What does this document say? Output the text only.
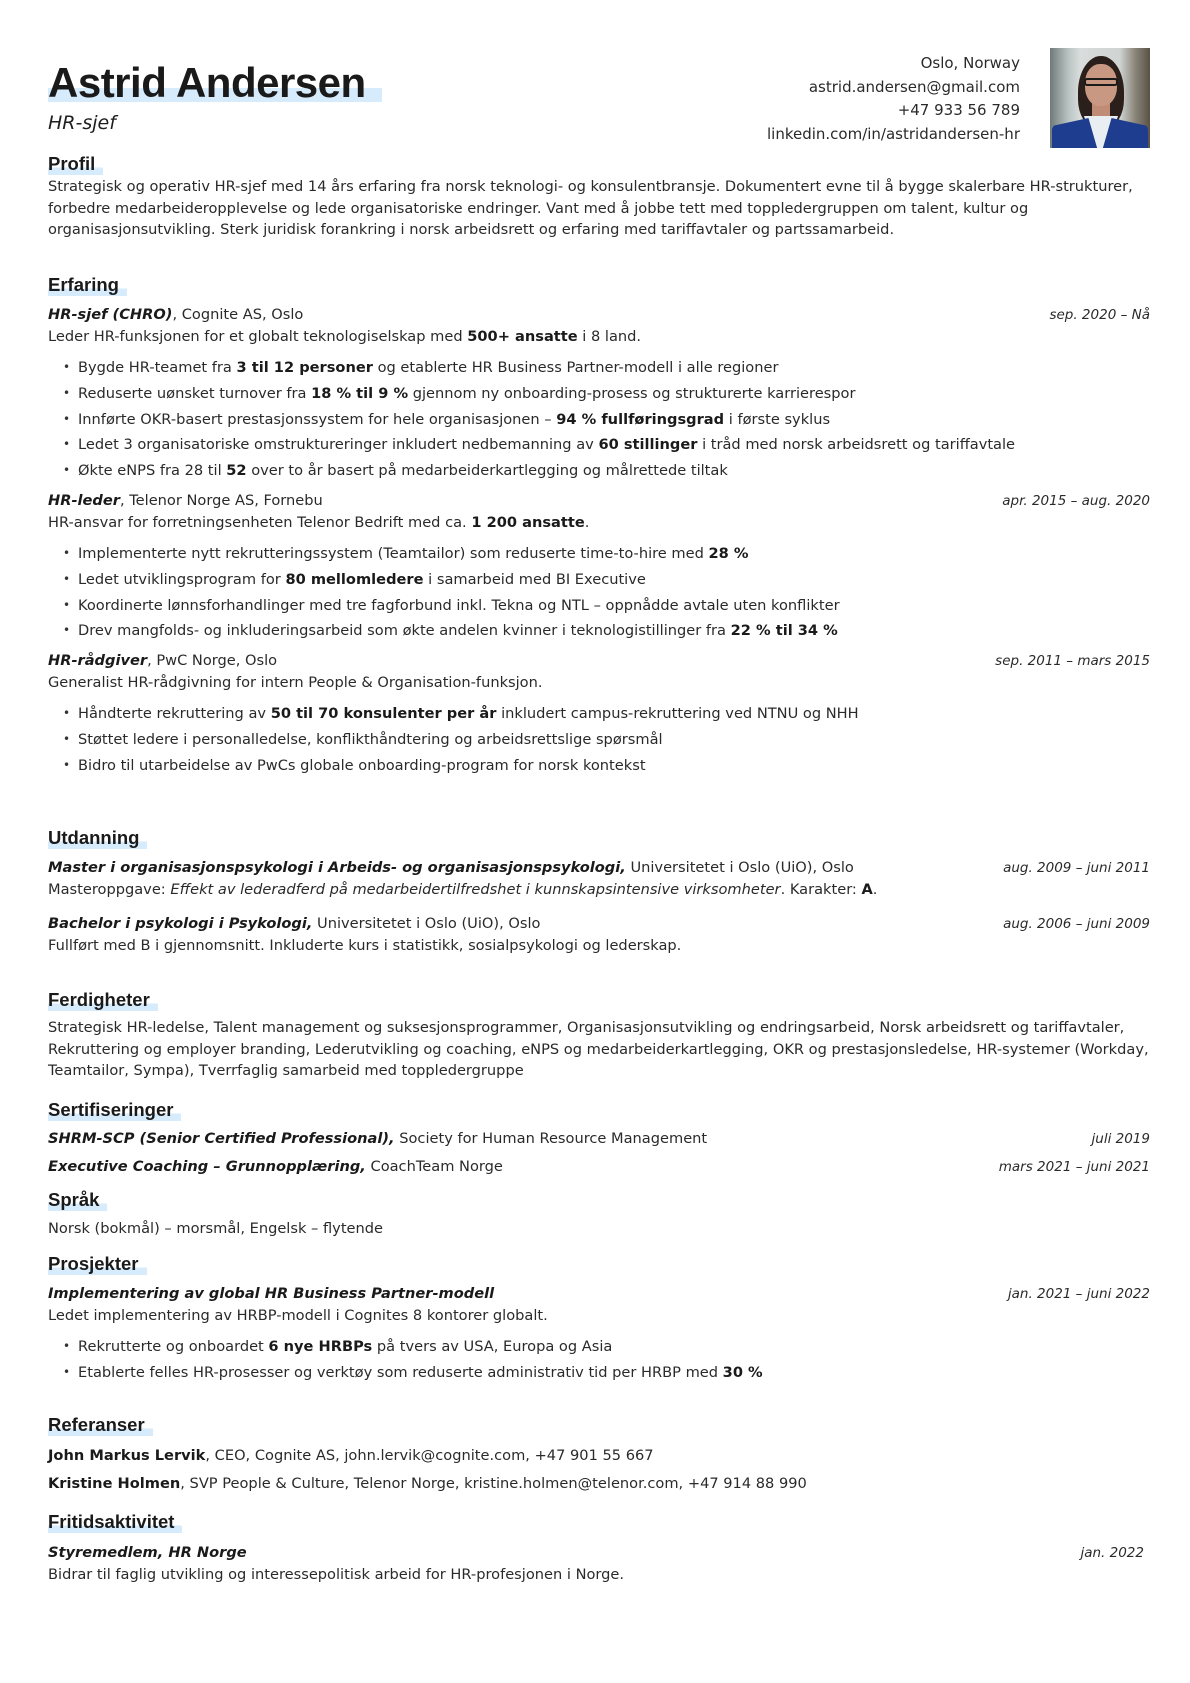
Astrid Andersen
HR-sjef
Oslo, Norway
astrid.andersen@gmail.com
+47 933 56 789
linkedin.com/in/astridandersen-hr
Profil
Strategisk og operativ HR-sjef med 14 års erfaring fra norsk teknologi- og konsulentbransje. Dokumentert evne til å bygge skalerbare HR-strukturer, forbedre medarbeideropplevelse og lede organisatoriske endringer. Vant med å jobbe tett med toppledergruppen om talent, kultur og organisasjonsutvikling. Sterk juridisk forankring i norsk arbeidsrett og erfaring med tariffavtaler og partssamarbeid.
Erfaring
HR-sjef (CHRO), Cognite AS, Oslo	sep. 2020 – Nå
Leder HR-funksjonen for et globalt teknologiselskap med 500+ ansatte i 8 land.
• Bygde HR-teamet fra 3 til 12 personer og etablerte HR Business Partner-modell i alle regioner
• Reduserte uønsket turnover fra 18 % til 9 % gjennom ny onboarding-prosess og strukturerte karrierespor
• Innførte OKR-basert prestasjonssystem for hele organisasjonen – 94 % fullføringsgrad i første syklus
• Ledet 3 organisatoriske omstruktureringer inkludert nedbemanning av 60 stillinger i tråd med norsk arbeidsrett og tariffavtale
• Økte eNPS fra 28 til 52 over to år basert på medarbeiderkartlegging og målrettede tiltak
HR-leder, Telenor Norge AS, Fornebu	apr. 2015 – aug. 2020
HR-ansvar for forretningsenheten Telenor Bedrift med ca. 1 200 ansatte.
• Implementerte nytt rekrutteringssystem (Teamtailor) som reduserte time-to-hire med 28 %
• Ledet utviklingsprogram for 80 mellomledere i samarbeid med BI Executive
• Koordinerte lønnsforhandlinger med tre fagforbund inkl. Tekna og NTL – oppnådde avtale uten konflikter
• Drev mangfolds- og inkluderingsarbeid som økte andelen kvinner i teknologistillinger fra 22 % til 34 %
HR-rådgiver, PwC Norge, Oslo	sep. 2011 – mars 2015
Generalist HR-rådgivning for intern People & Organisation-funksjon.
• Håndterte rekruttering av 50 til 70 konsulenter per år inkludert campus-rekruttering ved NTNU og NHH
• Støttet ledere i personalledelse, konflikthåndtering og arbeidsrettslige spørsmål
• Bidro til utarbeidelse av PwCs globale onboarding-program for norsk kontekst
Utdanning
Master i organisasjonspsykologi i Arbeids- og organisasjonspsykologi, Universitetet i Oslo (UiO), Oslo	aug. 2009 – juni 2011
Masteroppgave: Effekt av lederadferd på medarbeidertilfredshet i kunnskapsintensive virksomheter. Karakter: A.
Bachelor i psykologi i Psykologi, Universitetet i Oslo (UiO), Oslo	aug. 2006 – juni 2009
Fullført med B i gjennomsnitt. Inkluderte kurs i statistikk, sosialpsykologi og lederskap.
Ferdigheter
Strategisk HR-ledelse, Talent management og suksesjonsprogrammer, Organisasjonsutvikling og endringsarbeid, Norsk arbeidsrett og tariffavtaler, Rekruttering og employer branding, Lederutvikling og coaching, eNPS og medarbeiderkartlegging, OKR og prestasjonsledelse, HR-systemer (Workday, Teamtailor, Sympa), Tverrfaglig samarbeid med toppledergruppe
Sertifiseringer
SHRM-SCP (Senior Certified Professional), Society for Human Resource Management	juli 2019
Executive Coaching – Grunnopplæring, CoachTeam Norge	mars 2021 – juni 2021
Språk
Norsk (bokmål) – morsmål, Engelsk – flytende
Prosjekter
Implementering av global HR Business Partner-modell	jan. 2021 – juni 2022
Ledet implementering av HRBP-modell i Cognites 8 kontorer globalt.
• Rekrutterte og onboardet 6 nye HRBPs på tvers av USA, Europa og Asia
• Etablerte felles HR-prosesser og verktøy som reduserte administrativ tid per HRBP med 30 %
Referanser
John Markus Lervik, CEO, Cognite AS, john.lervik@cognite.com, +47 901 55 667
Kristine Holmen, SVP People & Culture, Telenor Norge, kristine.holmen@telenor.com, +47 914 88 990
Fritidsaktivitet
Styremedlem, HR Norge	jan. 2022
Bidrar til faglig utvikling og interessepolitisk arbeid for HR-profesjonen i Norge.
